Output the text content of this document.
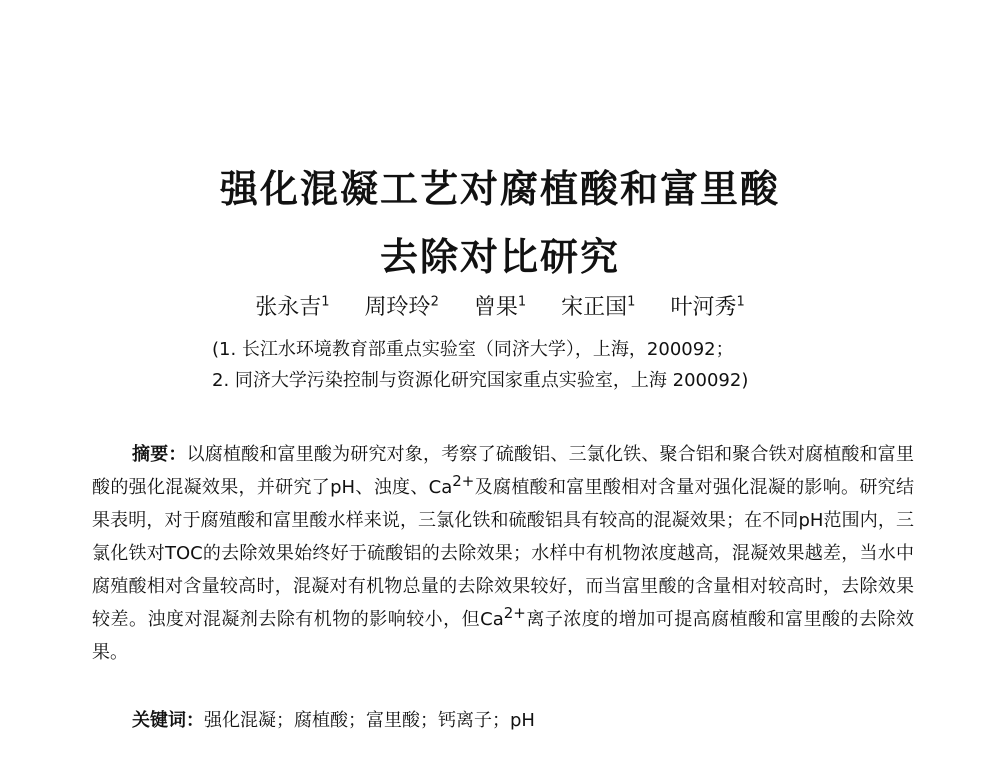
强化混凝工艺对腐植酸和富里酸
去除对比研究
张永吉$^1$ 周玲玲$^2$ 曾果$^1$ 宋正国$^1$ 叶河秀$^1$
(1. 长江水环境教育部重点实验室（同济大学），上海，200092；
2. 同济大学污染控制与资源化研究国家重点实验室，上海 200092)

摘要：以腐植酸和富里酸为研究对象，考察了硫酸铝、三氯化铁、聚合铝和聚合铁对腐植酸和富里酸的强化混凝效果，并研究了pH、浊度、$Ca^{2+}$及腐植酸和富里酸相对含量对强化混凝的影响。研究结果表明，对于腐殖酸和富里酸水样来说，三氯化铁和硫酸铝具有较高的混凝效果；在不同pH范围内，三氯化铁对TOC的去除效果始终好于硫酸铝的去除效果；水样中有机物浓度越高，混凝效果越差，当水中腐殖酸相对含量较高时，混凝对有机物总量的去除效果较好，而当富里酸的含量相对较高时，去除效果较差。浊度对混凝剂去除有机物的影响较小，但$Ca^{2+}$离子浓度的增加可提高腐植酸和富里酸的去除效果。

关键词：强化混凝；腐植酸；富里酸；钙离子；pH
